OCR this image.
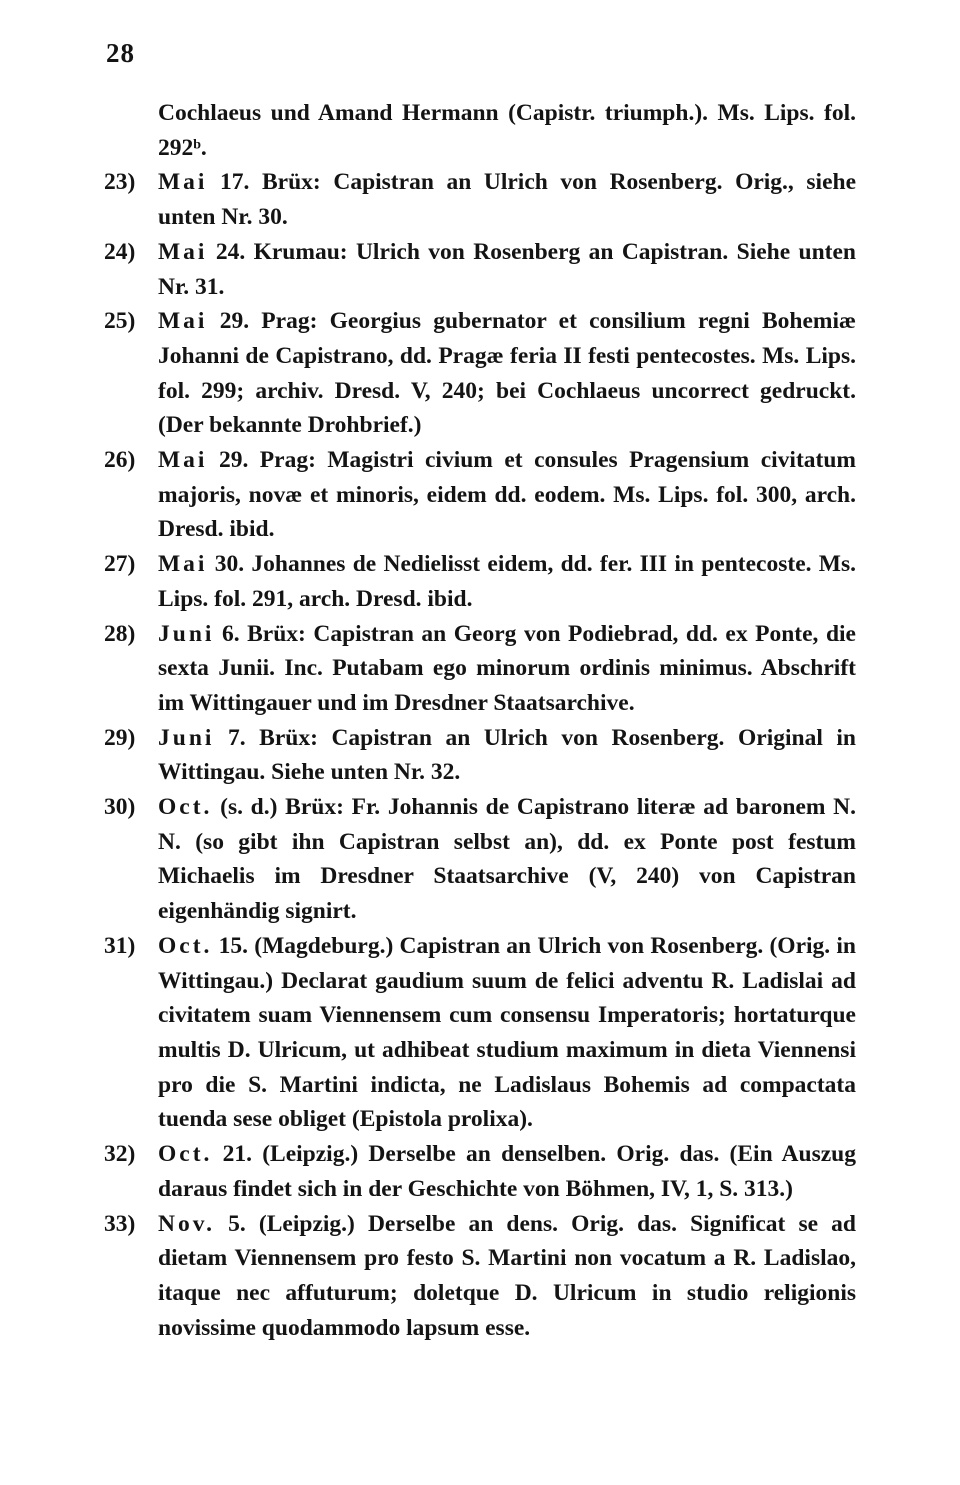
28
Cochlaeus und Amand Hermann (Capistr. triumph.). Ms. Lips. fol. 292ᵇ.
23) Mai 17. Brüx: Capistran an Ulrich von Rosenberg. Orig., siehe unten Nr. 30.
24) Mai 24. Krumau: Ulrich von Rosenberg an Capistran. Siehe unten Nr. 31.
25) Mai 29. Prag: Georgius gubernator et consilium regni Bohemiæ Johanni de Capistrano, dd. Pragæ feria II festi pentecostes. Ms. Lips. fol. 299; archiv. Dresd. V, 240; bei Cochlaeus uncorrect gedruckt. (Der bekannte Drohbrief.)
26) Mai 29. Prag: Magistri civium et consules Pragensium civitatum majoris, novæ et minoris, eidem dd. eodem. Ms. Lips. fol. 300, arch. Dresd. ibid.
27) Mai 30. Johannes de Nedielisst eidem, dd. fer. III in pentecoste. Ms. Lips. fol. 291, arch. Dresd. ibid.
28) Juni 6. Brüx: Capistran an Georg von Podiebrad, dd. ex Ponte, die sexta Junii. Inc. Putabam ego minorum ordinis minimus. Abschrift im Wittingauer und im Dresdner Staatsarchive.
29) Juni 7. Brüx: Capistran an Ulrich von Rosenberg. Original in Wittingau. Siehe unten Nr. 32.
30) Oct. (s. d.) Brüx: Fr. Johannis de Capistrano literæ ad baronem N. N. (so gibt ihn Capistran selbst an), dd. ex Ponte post festum Michaelis im Dresdner Staatsarchive (V, 240) von Capistran eigenhändig signirt.
31) Oct. 15. (Magdeburg.) Capistran an Ulrich von Rosenberg. (Orig. in Wittingau.) Declarat gaudium suum de felici adventu R. Ladislai ad civitatem suam Viennensem cum consensu Imperatoris; hortaturque multis D. Ulricum, ut adhibeat studium maximum in dieta Viennensi pro die S. Martini indicta, ne Ladislaus Bohemis ad compactata tuenda sese obliget (Epistola prolixa).
32) Oct. 21. (Leipzig.) Derselbe an denselben. Orig. das. (Ein Auszug daraus findet sich in der Geschichte von Böhmen, IV, 1, S. 313.)
33) Nov. 5. (Leipzig.) Derselbe an dens. Orig. das. Significat se ad dietam Viennensem pro festo S. Martini non vocatum a R. Ladislao, itaque nec affuturum; doletque D. Ulricum in studio religionis novissime quodammodo lapsum esse.
